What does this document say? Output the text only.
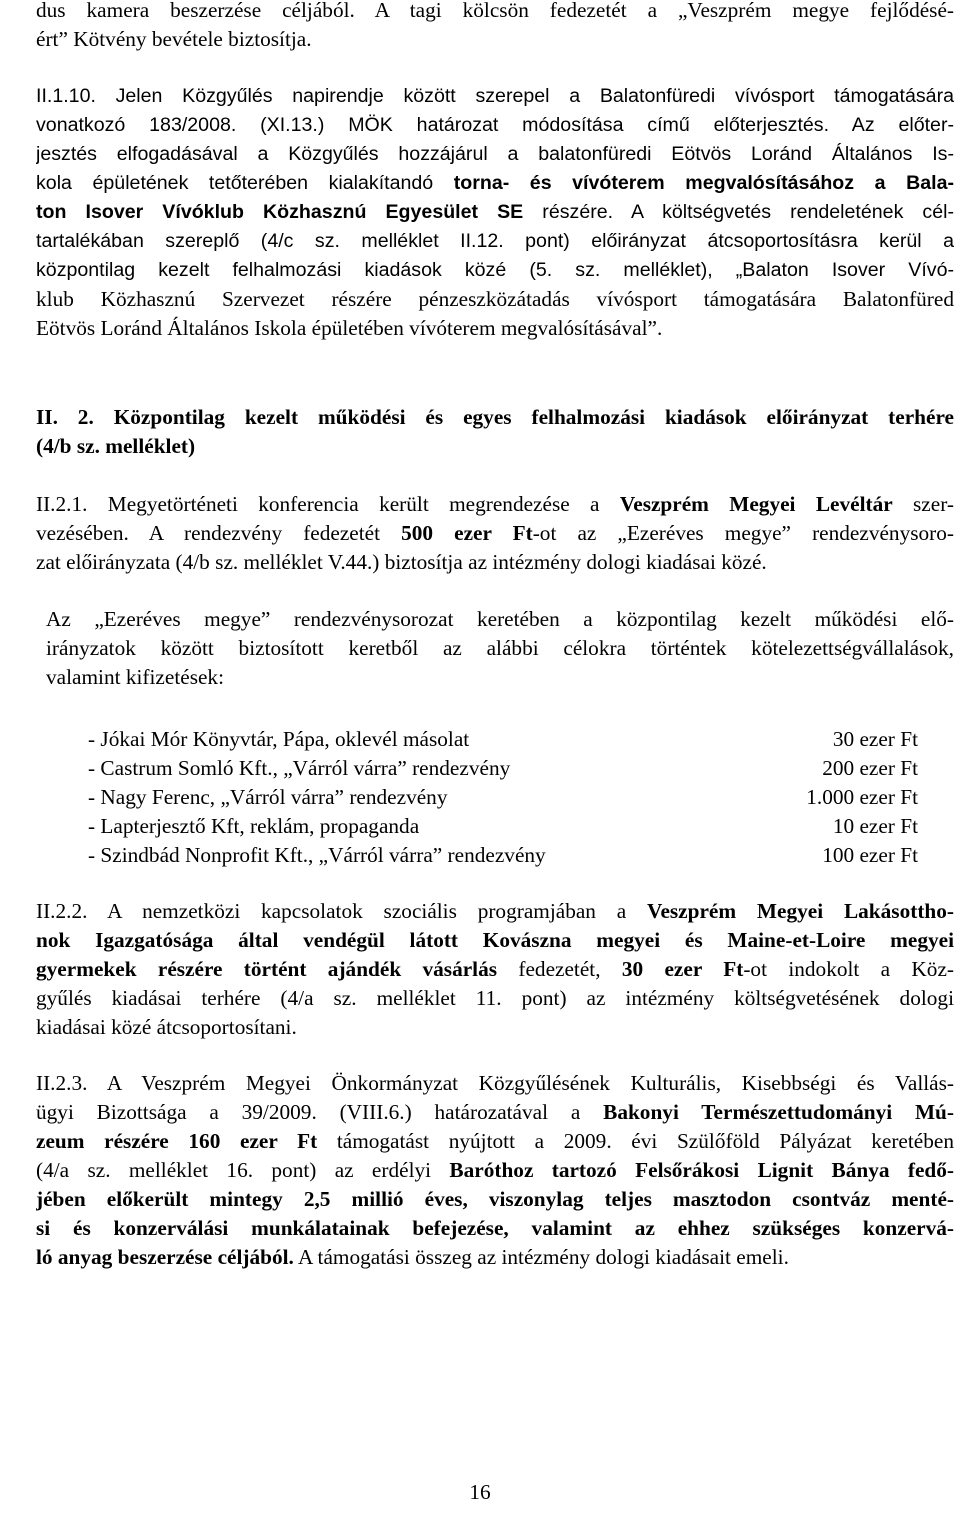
dus kamera beszerzése céljából. A tagi kölcsön fedezetét a „Veszprém megye fejlődésé-
ért” Kötvény bevétele biztosítja.
II.1.10. Jelen Közgyűlés napirendje között szerepel a Balatonfüredi vívósport támogatására
vonatkozó 183/2008. (XI.13.) MÖK határozat módosítása című előterjesztés. Az előter-
jesztés elfogadásával a Közgyűlés hozzájárul a balatonfüredi Eötvös Loránd Általános Is-
kola épületének tetőterében kialakítandó torna- és vívóterem megvalósításához a Bala-
ton Isover Vívóklub Közhasznú Egyesület SE részére. A költségvetés rendeletének cél-
tartalékában szereplő (4/c sz. melléklet II.12. pont) előirányzat átcsoportosításra kerül a
központilag kezelt felhalmozási kiadások közé (5. sz. melléklet), „Balaton Isover Vívó-
klub Közhasznú Szervezet részére pénzeszközátadás vívósport támogatására Balatonfüred
Eötvös Loránd Általános Iskola épületében vívóterem megvalósításával”.
II. 2. Központilag kezelt működési és egyes felhalmozási kiadások előirányzat terhére
(4/b sz. melléklet)
II.2.1. Megyetörténeti konferencia került megrendezése a Veszprém Megyei Levéltár szer-
vezésében. A rendezvény fedezetét 500 ezer Ft-ot az „Ezeréves megye” rendezvénysoro-
zat előirányzata (4/b sz. melléklet V.44.) biztosítja az intézmény dologi kiadásai közé.
Az „Ezeréves megye” rendezvénysorozat keretében a központilag kezelt működési elő-
irányzatok között biztosított keretből az alábbi célokra történtek kötelezettségvállalások,
valamint kifizetések:
- Jókai Mór Könyvtár, Pápa, oklevél másolat	30 ezer Ft
- Castrum Somló Kft., „Várról várra” rendezvény	200 ezer Ft
- Nagy Ferenc, „Várról várra” rendezvény	1.000 ezer Ft
- Lapterjesztő Kft, reklám, propaganda	10 ezer Ft
- Szindbád Nonprofit Kft., „Várról várra” rendezvény	100 ezer Ft
II.2.2. A nemzetközi kapcsolatok szociális programjában a Veszprém Megyei Lakásottho-
nok Igazgatósága által vendégül látott Kovászna megyei és Maine-et-Loire megyei
gyermekek részére történt ajándék vásárlás fedezetét, 30 ezer Ft-ot indokolt a Köz-
gyűlés kiadásai terhére (4/a sz. melléklet 11. pont) az intézmény költségvetésének dologi
kiadásai közé átcsoportosítani.
II.2.3. A Veszprém Megyei Önkormányzat Közgyűlésének Kulturális, Kisebbségi és Vallás-
ügyi Bizottsága a 39/2009. (VIII.6.) határozatával a Bakonyi Természettudományi Mú-
zeum részére 160 ezer Ft támogatást nyújtott a 2009. évi Szülőföld Pályázat keretében
(4/a sz. melléklet 16. pont) az erdélyi Baróthoz tartozó Felsőrákosi Lignit Bánya fedő-
jében előkerült mintegy 2,5 millió éves, viszonylag teljes masztodon csontváz menté-
si és konzerválási munkálatainak befejezése, valamint az ehhez szükséges konzervá-
ló anyag beszerzése céljából. A támogatási összeg az intézmény dologi kiadásait emeli.
16
